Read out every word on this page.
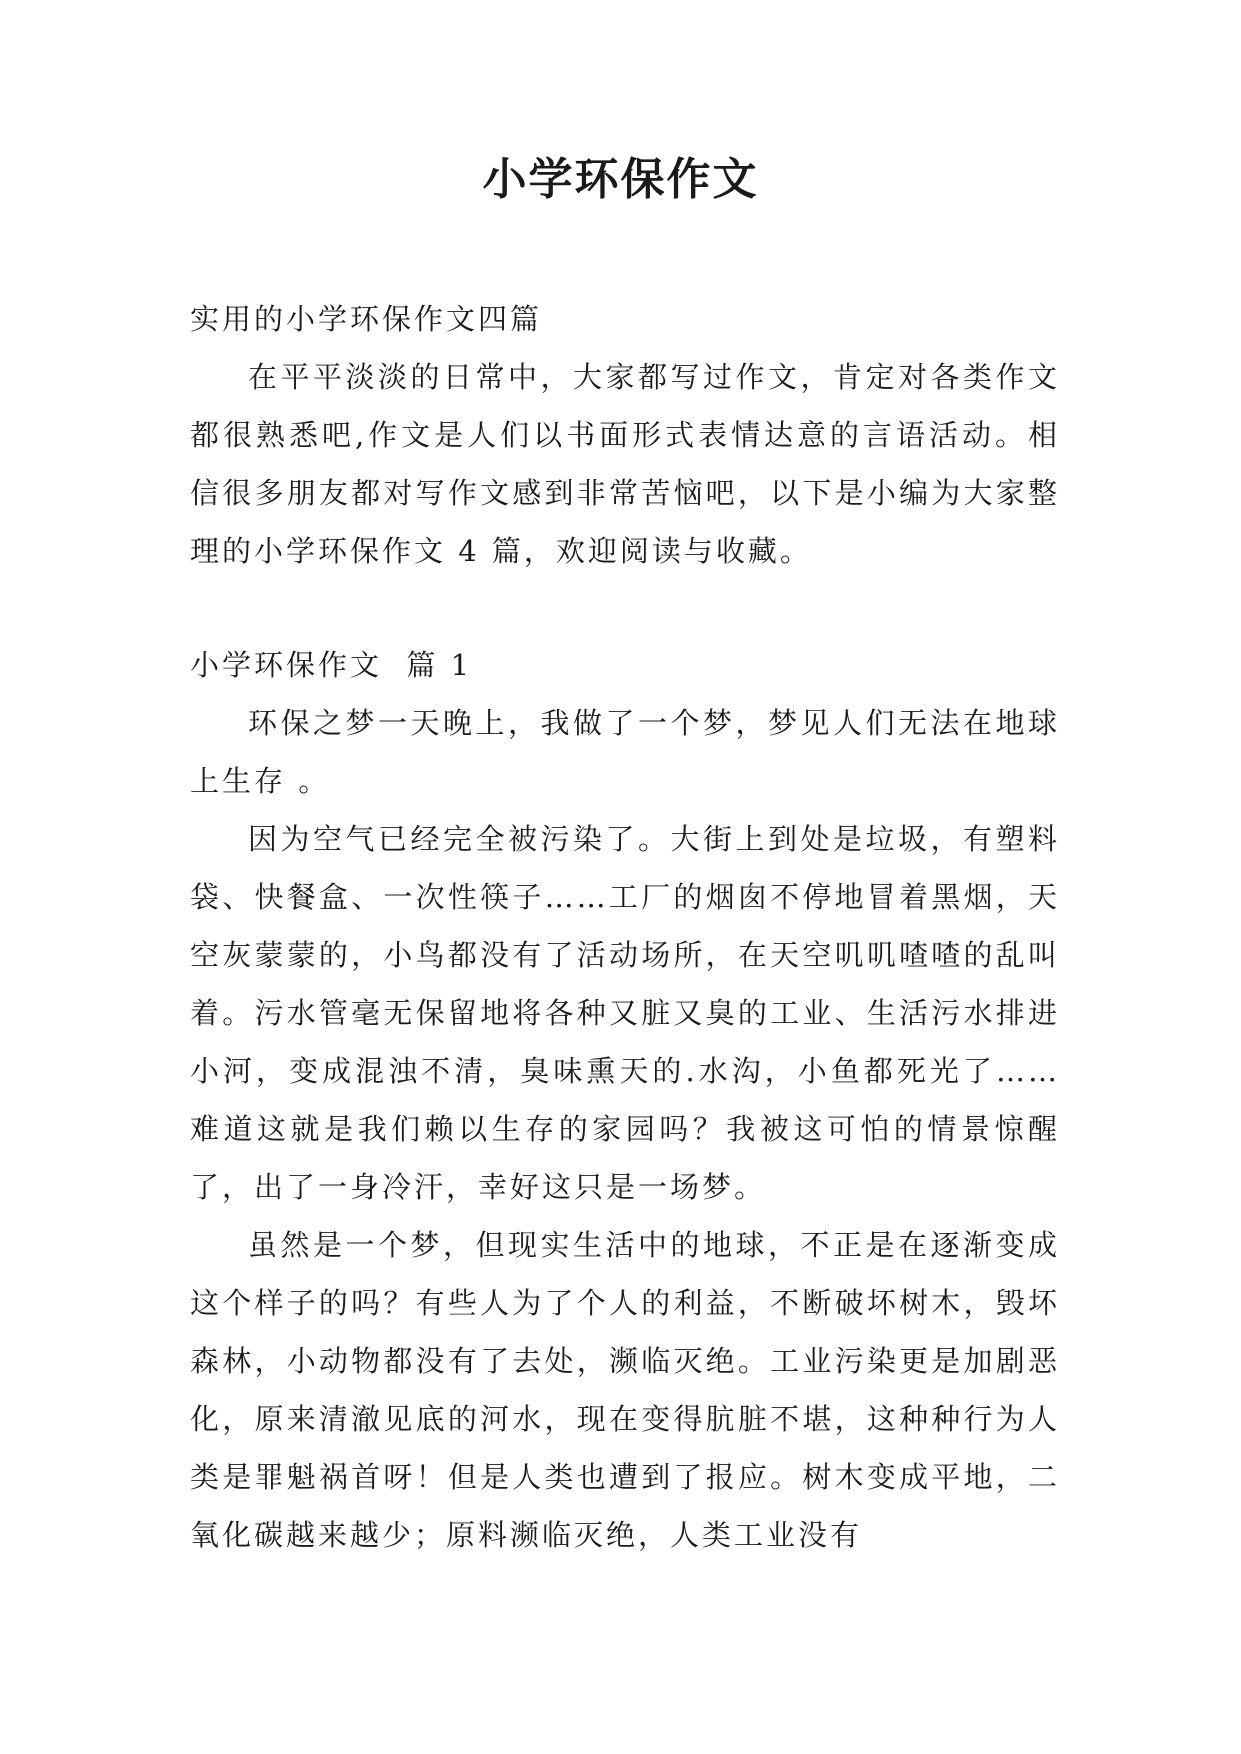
小学环保作文

实用的小学环保作文四篇

在平平淡淡的日常中，大家都写过作文，肯定对各类作文都很熟悉吧,作文是人们以书面形式表情达意的言语活动。相信很多朋友都对写作文感到非常苦恼吧，以下是小编为大家整理的小学环保作文 4 篇，欢迎阅读与收藏。

小学环保作文  篇 1

环保之梦一天晚上，我做了一个梦，梦见人们无法在地球上生存 。

因为空气已经完全被污染了。大街上到处是垃圾，有塑料袋、快餐盒、一次性筷子……工厂的烟囱不停地冒着黑烟，天空灰蒙蒙的，小鸟都没有了活动场所，在天空叽叽喳喳的乱叫着。污水管毫无保留地将各种又脏又臭的工业、生活污水排进小河，变成混浊不清，臭味熏天的.水沟，小鱼都死光了……难道这就是我们赖以生存的家园吗？我被这可怕的情景惊醒了，出了一身冷汗，幸好这只是一场梦。

虽然是一个梦，但现实生活中的地球，不正是在逐渐变成这个样子的吗？有些人为了个人的利益，不断破坏树木，毁坏森林，小动物都没有了去处，濒临灭绝。工业污染更是加剧恶化，原来清澈见底的河水，现在变得肮脏不堪，这种种行为人类是罪魁祸首呀！但是人类也遭到了报应。树木变成平地，二氧化碳越来越少；原料濒临灭绝，人类工业没有
